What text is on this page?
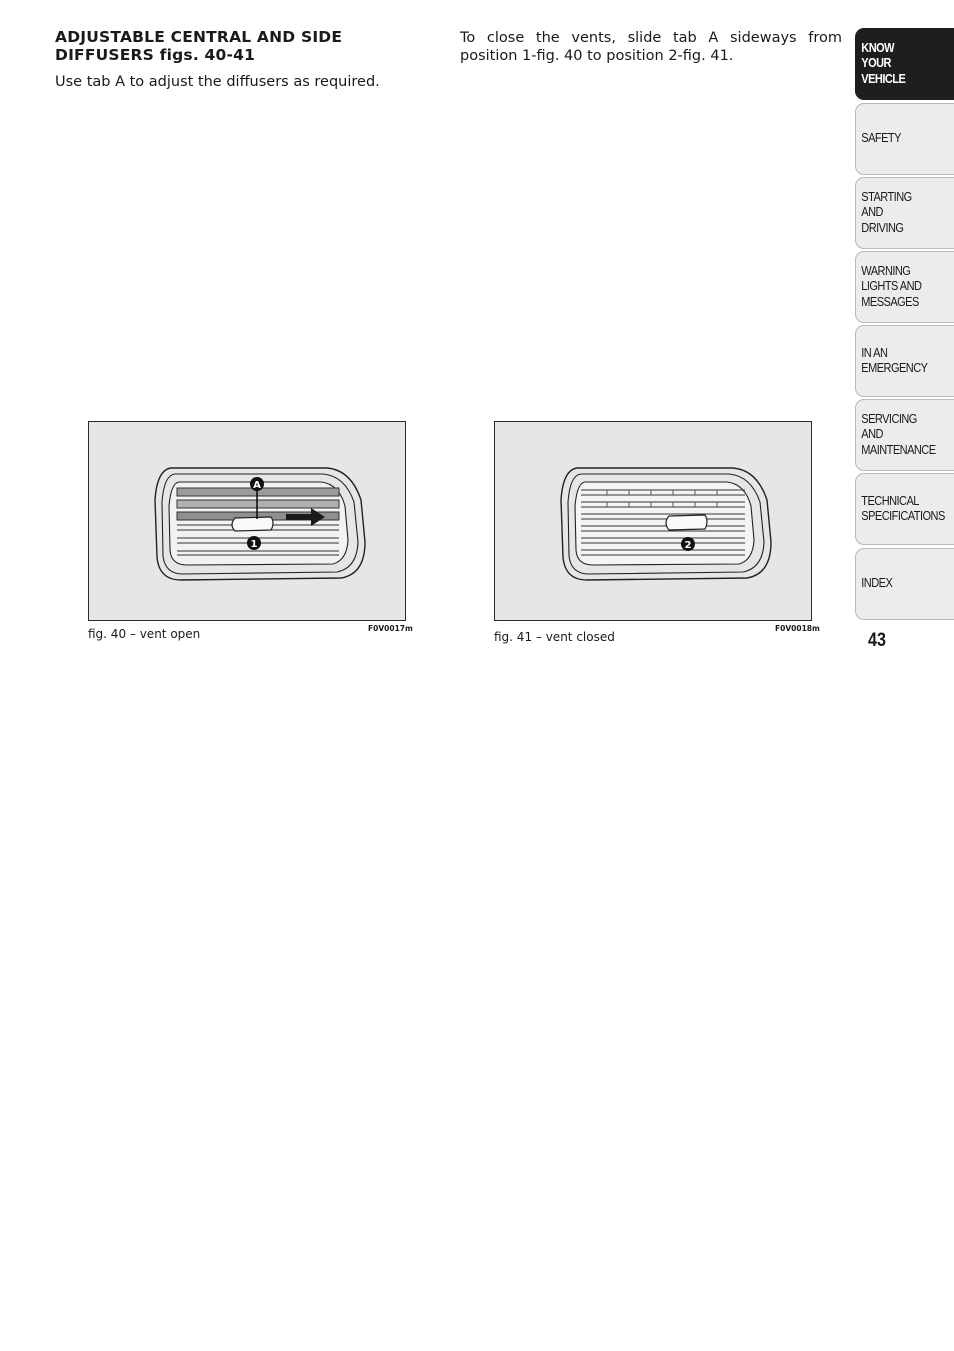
ADJUSTABLE CENTRAL AND SIDE DIFFUSERS figs. 40-41
Use tab A to adjust the diffusers as required.
To close the vents, slide tab A sideways from position 1-fig. 40 to position 2-fig. 41.
A
1
fig. 40 – vent open	F0V0017m
2
fig. 41 – vent closed
F0V0018m
KNOW
YOUR
VEHICLE
SAFETY
STARTING
AND
DRIVING
WARNING
LIGHTS AND
MESSAGES
IN AN
EMERGENCY
SERVICING
AND
MAINTENANCE
TECHNICAL
SPECIFICATIONS
INDEX
43
